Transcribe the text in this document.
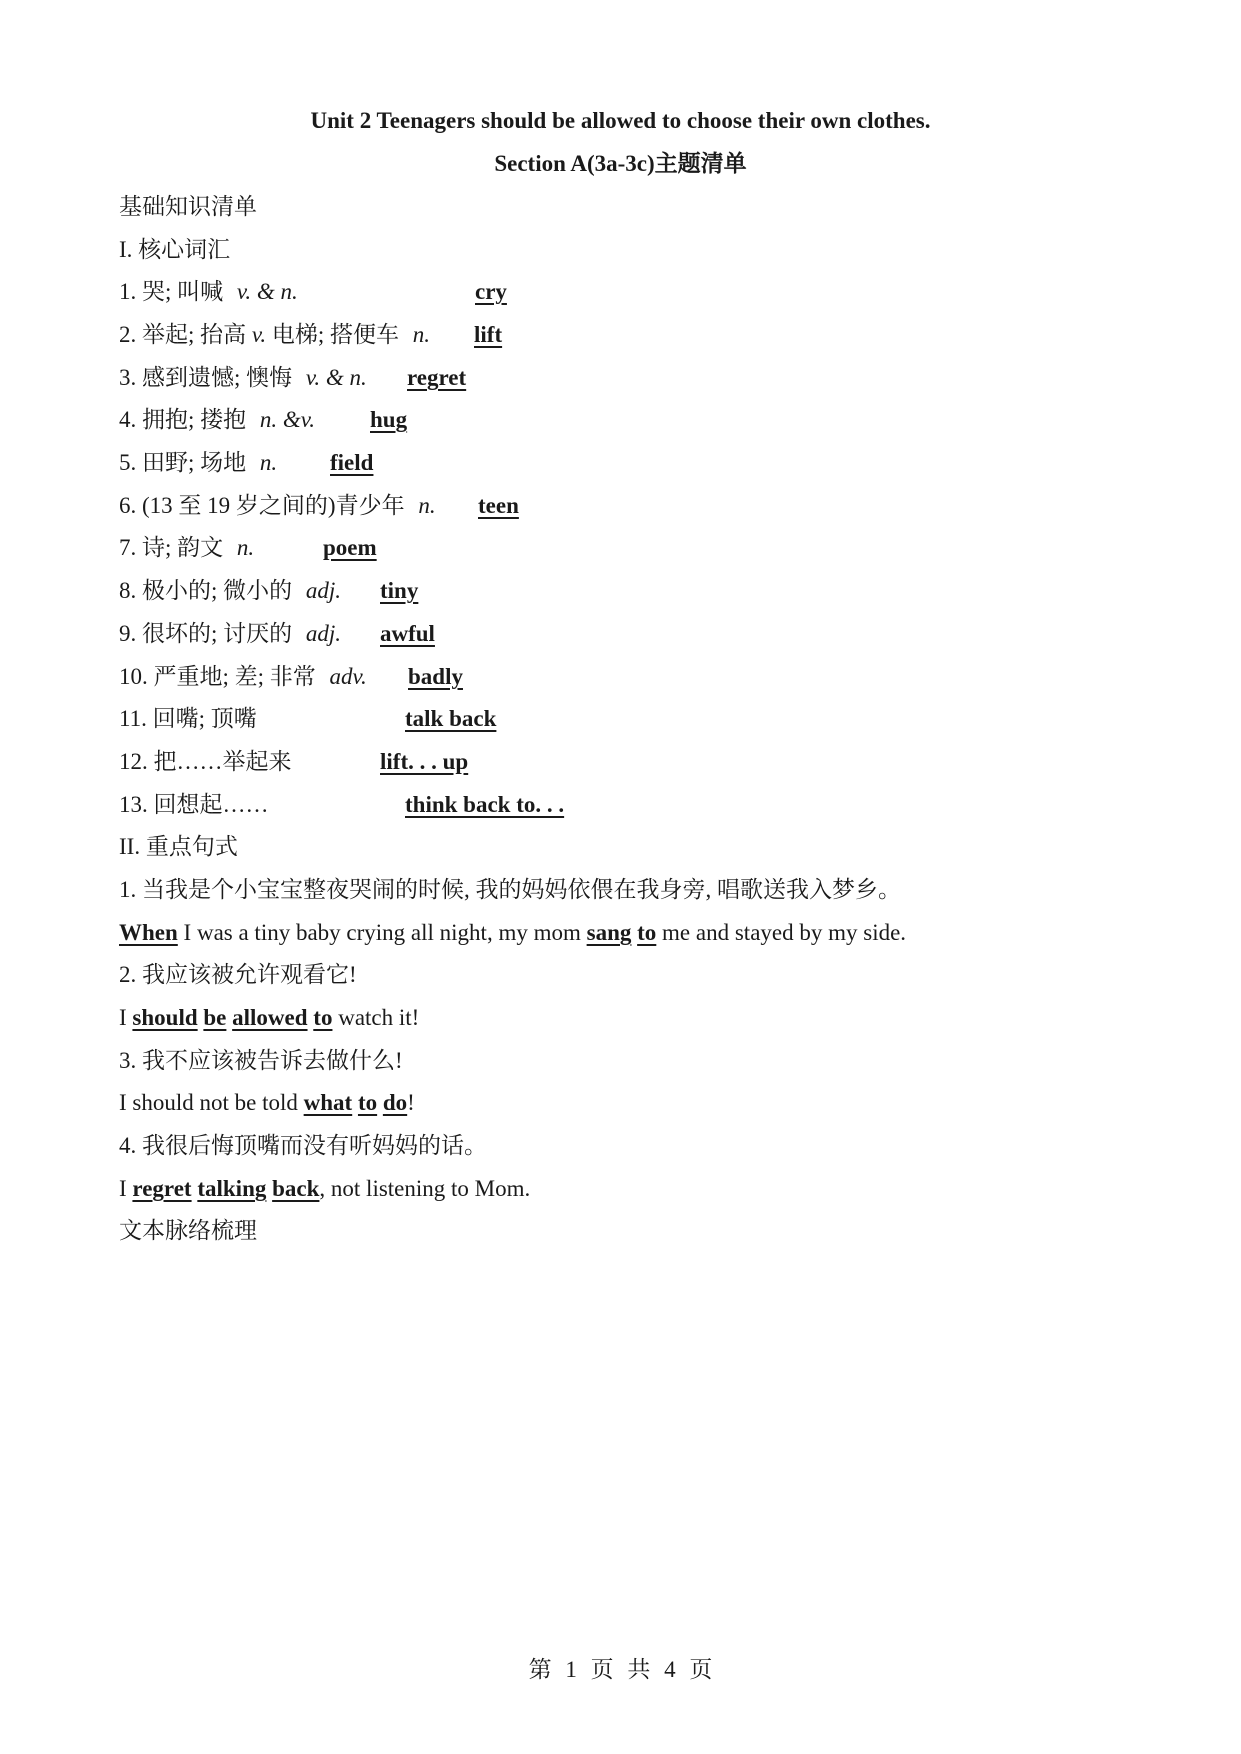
Unit 2 Teenagers should be allowed to choose their own clothes.
Section A(3a-3c)主题清单
基础知识清单
I. 核心词汇
1. 哭; 叫喊 v. & n.	cry
2. 举起; 抬高 v. 电梯; 搭便车 n. lift
3. 感到遗憾; 懊悔 v. & n. regret
4. 拥抱; 搂抱 n. &v. hug
5. 田野; 场地 n. field
6. (13 至 19 岁之间的)青少年 n. teen
7. 诗; 韵文 n.	poem
8. 极小的; 微小的 adj. tiny
9. 很坏的; 讨厌的 adj. awful
10. 严重地; 差; 非常 adv. badly
11. 回嘴; 顶嘴	talk back
12. 把……举起来	lift. . . up
13. 回想起……	think back to. . .
II. 重点句式
1. 当我是个小宝宝整夜哭闹的时候, 我的妈妈依偎在我身旁, 唱歌送我入梦乡。
When I was a tiny baby crying all night, my mom sang to me and stayed by my side.
2. 我应该被允许观看它!
I should be allowed to watch it!
3. 我不应该被告诉去做什么!
I should not be told what to do!
4. 我很后悔顶嘴而没有听妈妈的话。
I regret talking back, not listening to Mom.
文本脉络梳理
第 1 页 共 4 页
